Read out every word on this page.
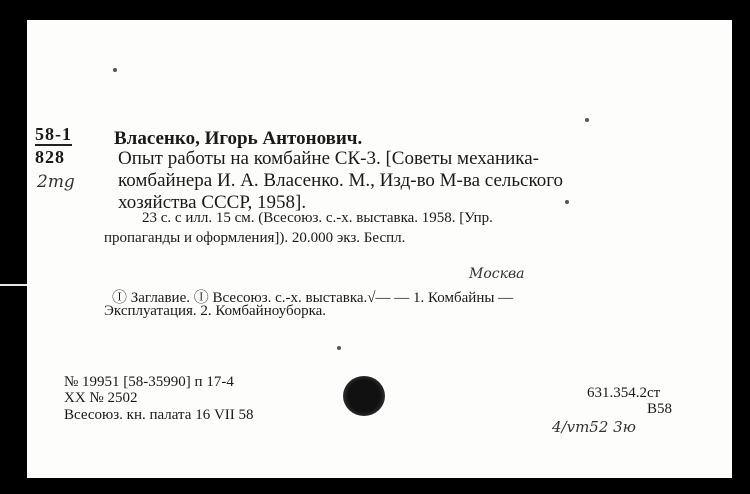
58-1
828
2mg
Власенко, Игорь Антонович.
Опыт работы на комбайне СК-3. [Советы механика-
комбайнера И. А. Власенко. М., Изд-во М-ва сельского
хозяйства СССР, 1958].
23 с. с илл. 15 см. (Всесоюз. с.-х. выставка. 1958. [Упр.
пропаганды и оформления]). 20.000 экз. Беспл.
Москва
Ⓘ Заглавие. Ⓘ Всесоюз. с.-х. выставка.√— — 1. Комбайны —
Эксплуатация. 2. Комбайноуборка.
№ 19951 [58-35990] п 17-4
XX № 2502
Всесоюз. кн. палата 16 VII 58
631.354.2ст
B58
4/vm52 3ю
